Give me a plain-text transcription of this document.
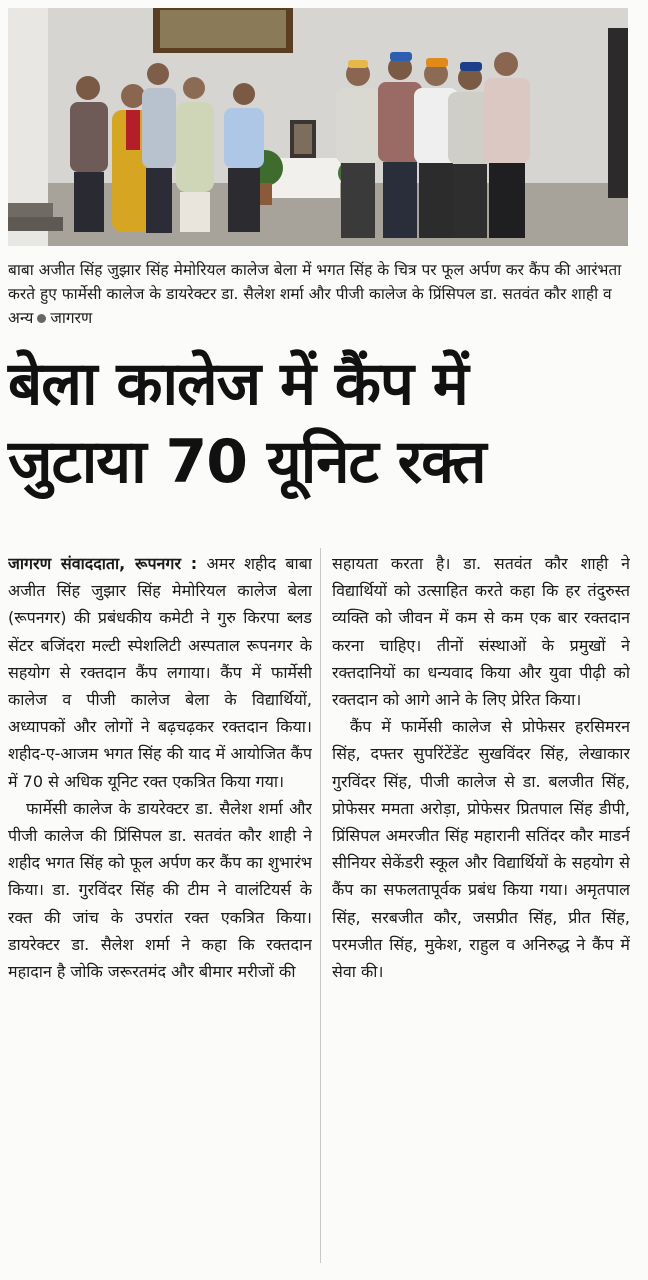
बाबा अजीत सिंह जुझार सिंह मेमोरियल कालेज बेला में भगत सिंह के चित्र पर फूल अर्पण कर कैंप की आरंभता करते हुए फार्मेसी कालेज के डायरेक्टर डा. सैलेश शर्मा और पीजी कालेज के प्रिंसिपल डा. सतवंत कौर शाही व अन्य जागरण
बेला कालेज में कैंप में
जुटाया 70 यूनिट रक्त

जागरण संवाददाता, रूपनगर : अमर शहीद बाबा अजीत सिंह जुझार सिंह मेमोरियल कालेज बेला (रूपनगर) की प्रबंधकीय कमेटी ने गुरु किरपा ब्लड सेंटर बजिंदरा मल्टी स्पेशलिटी अस्पताल रूपनगर के सहयोग से रक्तदान कैंप लगाया। कैंप में फार्मेसी कालेज व पीजी कालेज बेला के विद्यार्थियों, अध्यापकों और लोगों ने बढ़चढ़कर रक्तदान किया। शहीद-ए-आजम भगत सिंह की याद में आयोजित कैंप में 70 से अधिक यूनिट रक्त एकत्रित किया गया।

फार्मेसी कालेज के डायरेक्टर डा. सैलेश शर्मा और पीजी कालेज की प्रिंसिपल डा. सतवंत कौर शाही ने शहीद भगत सिंह को फूल अर्पण कर कैंप का शुभारंभ किया। डा. गुरविंदर सिंह की टीम ने वालंटियर्स के रक्त की जांच के उपरांत रक्त एकत्रित किया। डायरेक्टर डा. सैलेश शर्मा ने कहा कि रक्तदान महादान है जोकि जरूरतमंद और बीमार मरीजों की

सहायता करता है। डा. सतवंत कौर शाही ने विद्यार्थियों को उत्साहित करते कहा कि हर तंदुरुस्त व्यक्ति को जीवन में कम से कम एक बार रक्तदान करना चाहिए। तीनों संस्थाओं के प्रमुखों ने रक्तदानियों का धन्यवाद किया और युवा पीढ़ी को रक्तदान को आगे आने के लिए प्रेरित किया।

कैंप में फार्मेसी कालेज से प्रोफेसर हरसिमरन सिंह, दफ्तर सुपरिंटेंडेंट सुखविंदर सिंह, लेखाकार गुरविंदर सिंह, पीजी कालेज से डा. बलजीत सिंह, प्रोफेसर ममता अरोड़ा, प्रोफेसर प्रितपाल सिंह डीपी, प्रिंसिपल अमरजीत सिंह महारानी सतिंदर कौर माडर्न सीनियर सेकेंडरी स्कूल और विद्यार्थियों के सहयोग से कैंप का सफलतापूर्वक प्रबंध किया गया। अमृतपाल सिंह, सरबजीत कौर, जसप्रीत सिंह, प्रीत सिंह, परमजीत सिंह, मुकेश, राहुल व अनिरुद्ध ने कैंप में सेवा की।
